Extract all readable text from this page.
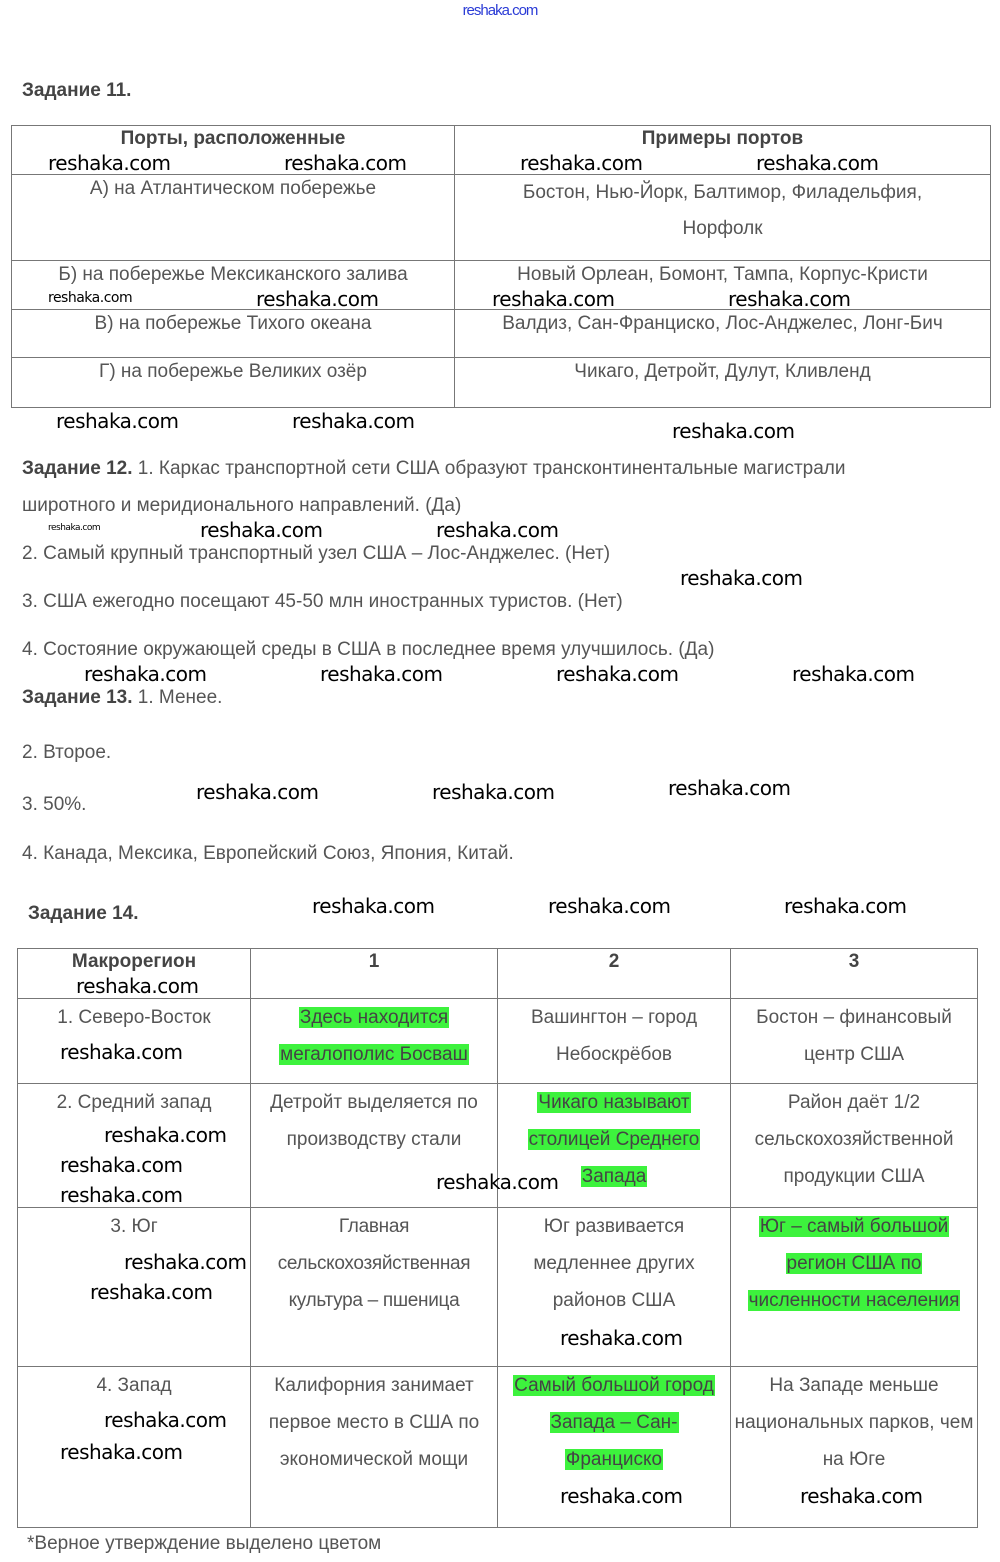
reshaka.com
Задание 11.
Порты, расположенные	Примеры портов
А) на Атлантическом побережье	Бостон, Нью-Йорк, Балтимор, Филадельфия, Норфолк
Б) на побережье Мексиканского залива	Новый Орлеан, Бомонт, Тампа, Корпус-Кристи
В) на побережье Тихого океана	Валдиз, Сан-Франциско, Лос-Анджелес, Лонг-Бич
Г) на побережье Великих озёр	Чикаго, Детройт, Дулут, Кливленд
Задание 12. 1. Каркас транспортной сети США образуют трансконтинентальные магистрали
широтного и меридионального направлений. (Да)
2. Самый крупный транспортный узел США – Лос-Анджелес. (Нет)
3. США ежегодно посещают 45-50 млн иностранных туристов. (Нет)
4. Состояние окружающей среды в США в последнее время улучшилось. (Да)
Задание 13. 1. Менее.
2. Второе.
3. 50%.
4. Канада, Мексика, Европейский Союз, Япония, Китай.
Задание 14.
Макрорегион	1	2	3
1. Северо-Восток	Здесь находится мегалополис Босваш	Вашингтон – город Небоскрёбов	Бостон – финансовый центр США
2. Средний запад	Детройт выделяется по производству стали	Чикаго называют столицей Среднего Запада	Район даёт 1/2 сельскохозяйственной продукции США
3. Юг	Главная сельскохозяйственная культура – пшеница	Юг развивается медленнее других районов США	Юг – самый большой регион США по численности населения
4. Запад	Калифорния занимает первое место в США по экономической мощи	Самый большой город Запада – Сан-Франциско	На Западе меньше национальных парков, чем на Юге
*Верное утверждение выделено цветом
reshaka.com	reshaka.com	reshaka.com	reshaka.com
reshaka.com	reshaka.com	reshaka.com	reshaka.com
reshaka.com	reshaka.com	reshaka.com
reshaka.com	reshaka.com	reshaka.com
reshaka.com
reshaka.com	reshaka.com	reshaka.com	reshaka.com
reshaka.com	reshaka.com	reshaka.com
reshaka.com	reshaka.com	reshaka.com
reshaka.com
reshaka.com
reshaka.com
reshaka.com
reshaka.com
reshaka.com
reshaka.com
reshaka.com
reshaka.com
reshaka.com
reshaka.com
reshaka.com
reshaka.com
